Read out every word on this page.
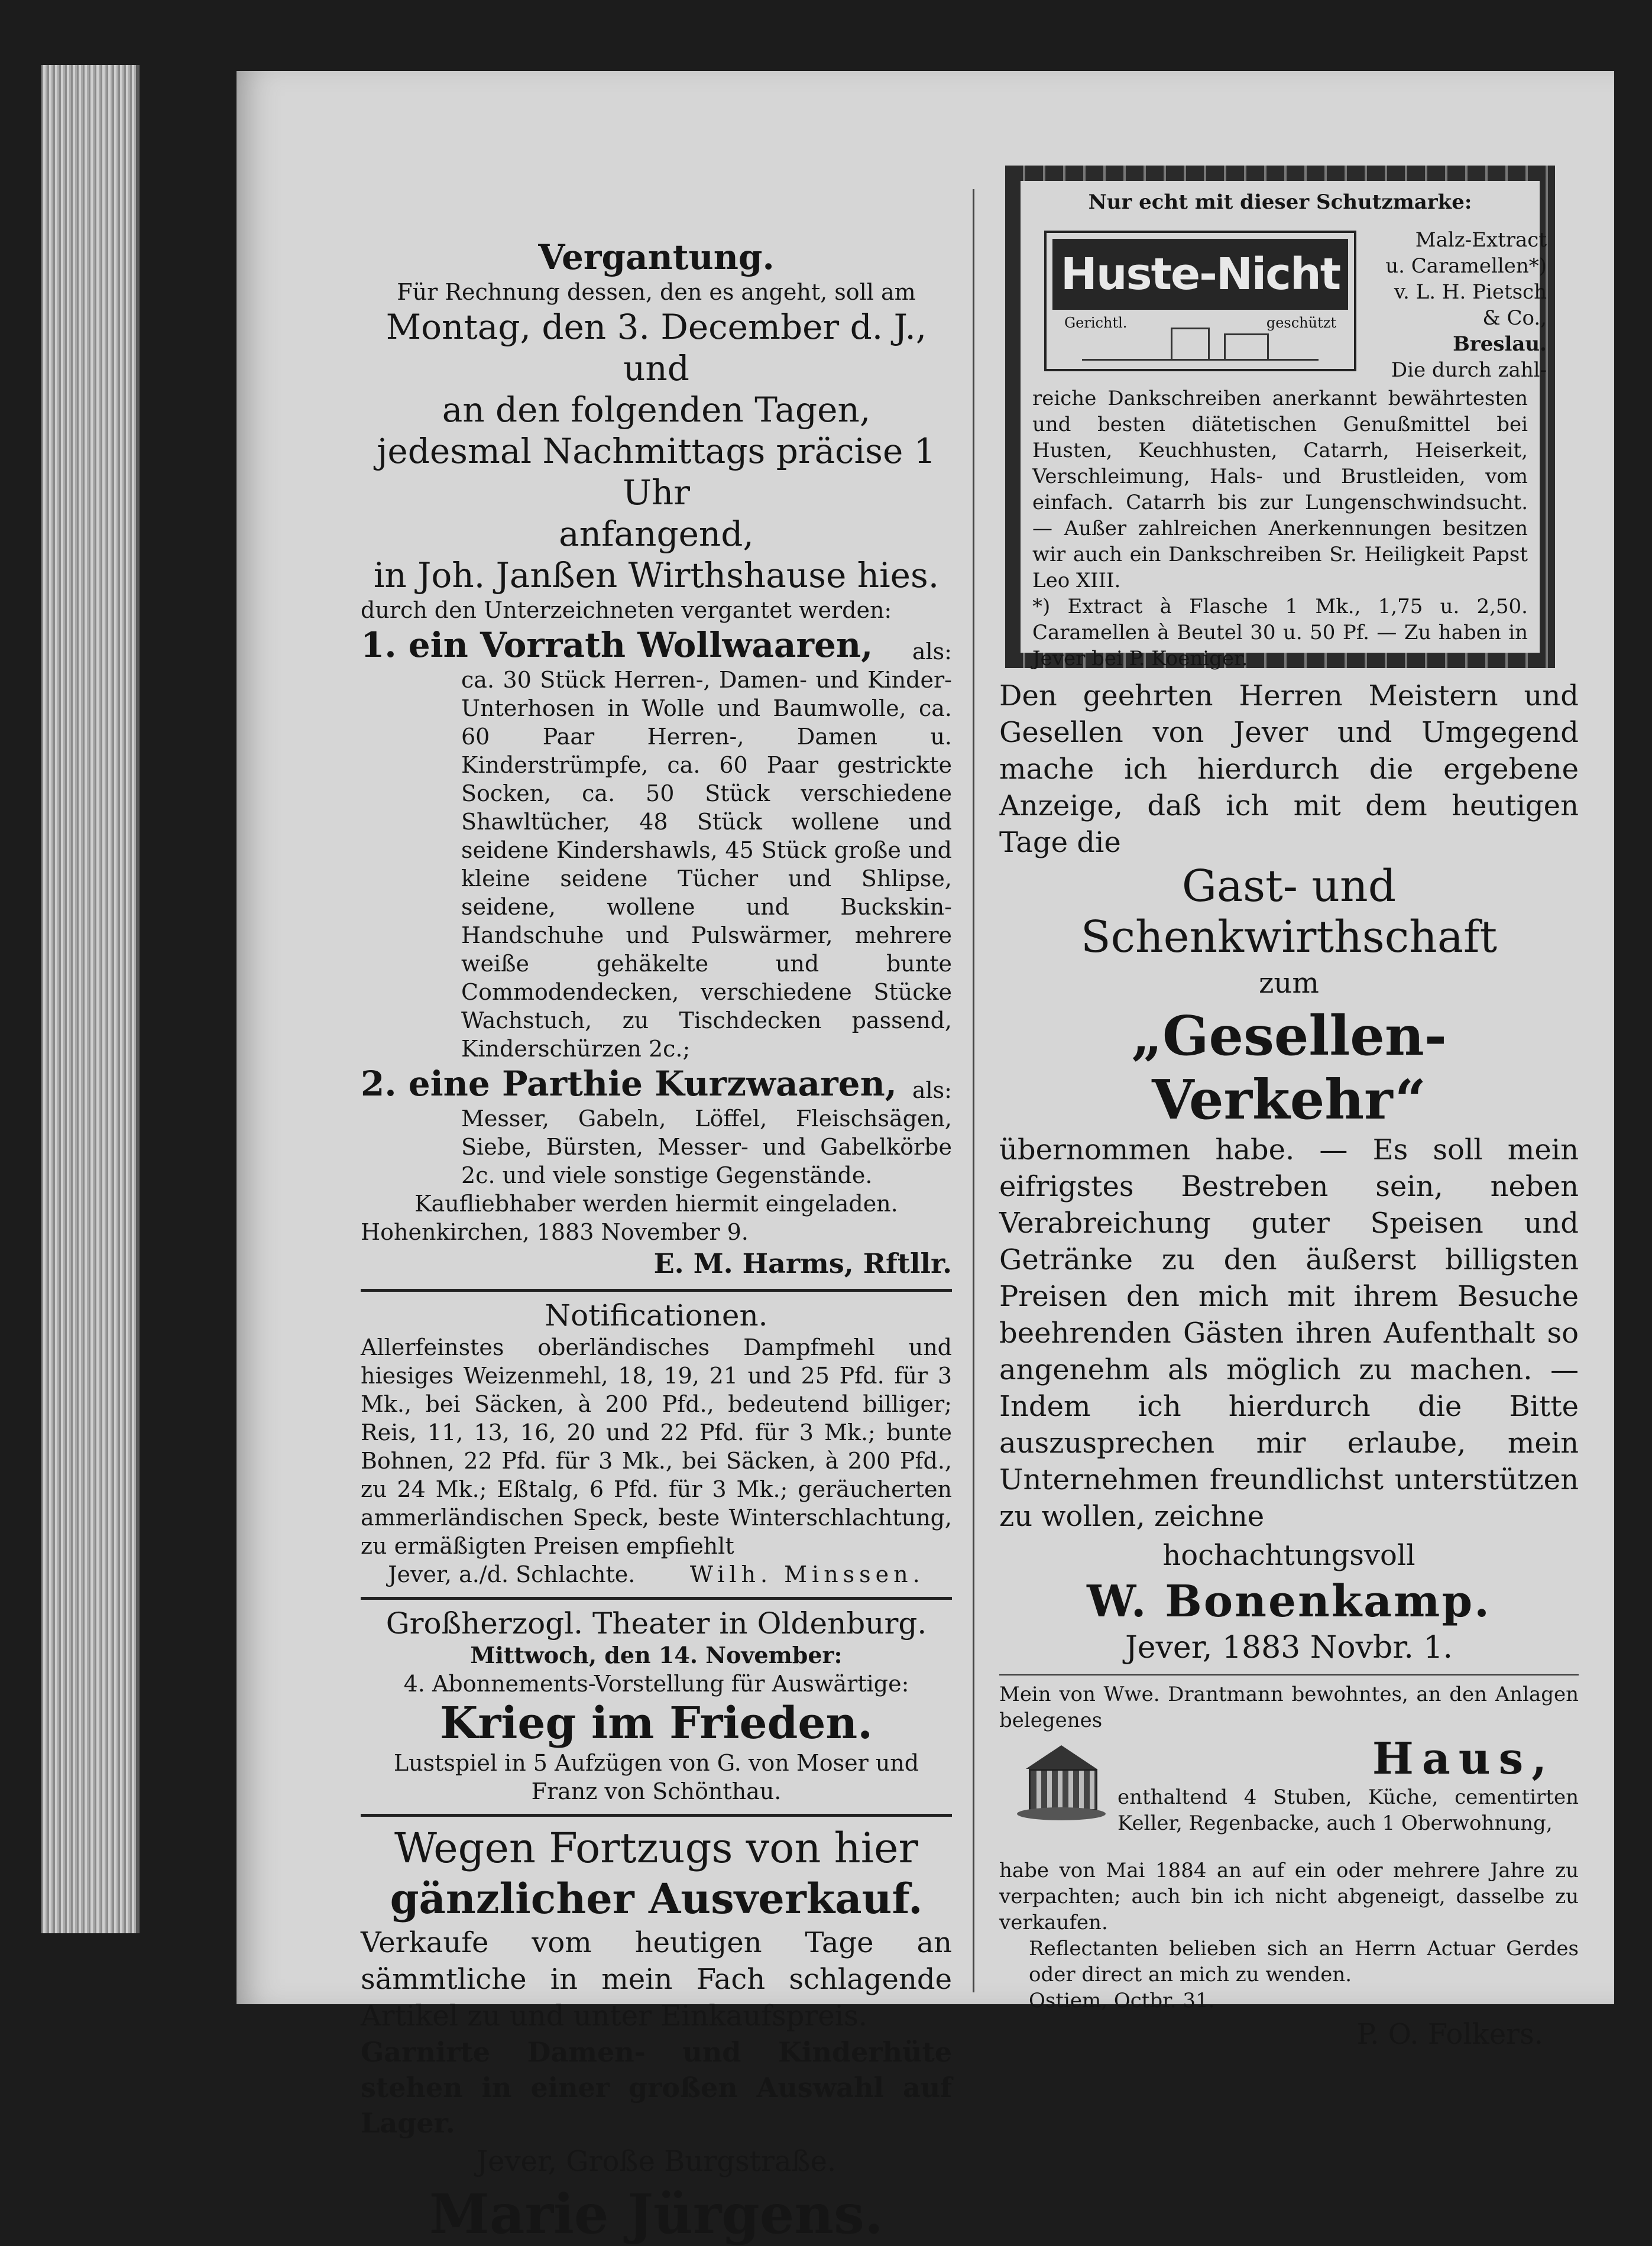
Vergantung.

Für Rechnung dessen, den es angeht, soll am

Montag, den 3. December d. J., und

an den folgenden Tagen,

jedesmal Nachmittags präcise 1 Uhr

anfangend,

in Joh. Janßen Wirthshause hies.

durch den Unterzeichneten vergantet werden:

1. ein Vorrath Wollwaaren, als:

ca. 30 Stück Herren-, Damen- und Kinder-Unterhosen in Wolle und Baumwolle, ca. 60 Paar Herren-, Damen u. Kinderstrümpfe, ca. 60 Paar gestrickte Socken, ca. 50 Stück verschiedene Shawltücher, 48 Stück wollene und seidene Kindershawls, 45 Stück große und kleine seidene Tücher und Shlipse, seidene, wollene und Buckskin-Handschuhe und Pulswärmer, mehrere weiße gehäkelte und bunte Commodendecken, verschiedene Stücke Wachstuch, zu Tischdecken passend, Kinderschürzen 2c.;

2. eine Parthie Kurzwaaren, als:

Messer, Gabeln, Löffel, Fleischsägen, Siebe, Bürsten, Messer- und Gabelkörbe 2c. und viele sonstige Gegenstände.

Kaufliebhaber werden hiermit eingeladen.

Hohenkirchen, 1883 November 9.

E. M. Harms, Rftllr.

Notificationen.

Allerfeinstes oberländisches Dampfmehl und hiesiges Weizenmehl, 18, 19, 21 und 25 Pfd. für 3 Mk., bei Säcken, à 200 Pfd., bedeutend billiger; Reis, 11, 13, 16, 20 und 22 Pfd. für 3 Mk.; bunte Bohnen, 22 Pfd. für 3 Mk., bei Säcken, à 200 Pfd., zu 24 Mk.; Eßtalg, 6 Pfd. für 3 Mk.; geräucherten ammerländischen Speck, beste Winterschlachtung, zu ermäßigten Preisen empfiehlt

Jever, a./d. Schlachte. Wilh. Minssen.

Großherzogl. Theater in Oldenburg.

Mittwoch, den 14. November:

4. Abonnements-Vorstellung für Auswärtige:

Krieg im Frieden.

Lustspiel in 5 Aufzügen von G. von Moser und Franz von Schönthau.

Wegen Fortzugs von hier

gänzlicher Ausverkauf.

Verkaufe vom heutigen Tage an sämmtliche in mein Fach schlagende Artikel zu und unter Einkaufspreis.

Garnirte Damen- und Kinderhüte stehen in einer großen Auswahl auf Lager.

Jever, Große Burgstraße.

Marie Jürgens.

Nur echt mit dieser Schutzmarke:

Huste-Nicht
Gerichtl.	geschützt

Malz-Extract

u. Caramellen*)

v. L. H. Pietsch

& Co.,

Breslau.

Die durch zahl-

reiche Dankschreiben anerkannt bewährtesten und besten diätetischen Genußmittel bei Husten, Keuchhusten, Catarrh, Heiserkeit, Verschleimung, Hals- und Brustleiden, vom einfach. Catarrh bis zur Lungenschwindsucht. — Außer zahlreichen Anerkennungen besitzen wir auch ein Dankschreiben Sr. Heiligkeit Papst Leo XIII.

*) Extract à Flasche 1 Mk., 1,75 u. 2,50. Caramellen à Beutel 30 u. 50 Pf. — Zu haben in Jever bei P. Koeniger.

Den geehrten Herren Meistern und Gesellen von Jever und Umgegend mache ich hierdurch die ergebene Anzeige, daß ich mit dem heutigen Tage die

Gast- und Schenkwirthschaft

zum

„Gesellen-Verkehr“

übernommen habe. — Es soll mein eifrigstes Bestreben sein, neben Verabreichung guter Speisen und Getränke zu den äußerst billigsten Preisen den mich mit ihrem Besuche beehrenden Gästen ihren Aufenthalt so angenehm als möglich zu machen. — Indem ich hierdurch die Bitte auszusprechen mir erlaube, mein Unternehmen freundlichst unterstützen zu wollen, zeichne

hochachtungsvoll

W. Bonenkamp.

Jever, 1883 Novbr. 1.

Mein von Wwe. Drantmann bewohntes, an den Anlagen belegenes

Haus,

enthaltend 4 Stuben, Küche, cementirten Keller, Regenbacke, auch 1 Oberwohnung,

habe von Mai 1884 an auf ein oder mehrere Jahre zu verpachten; auch bin ich nicht abgeneigt, dasselbe zu verkaufen.

Reflectanten belieben sich an Herrn Actuar Gerdes oder direct an mich zu wenden.

Ostiem, Octbr. 31.

P. O. Folkers.
